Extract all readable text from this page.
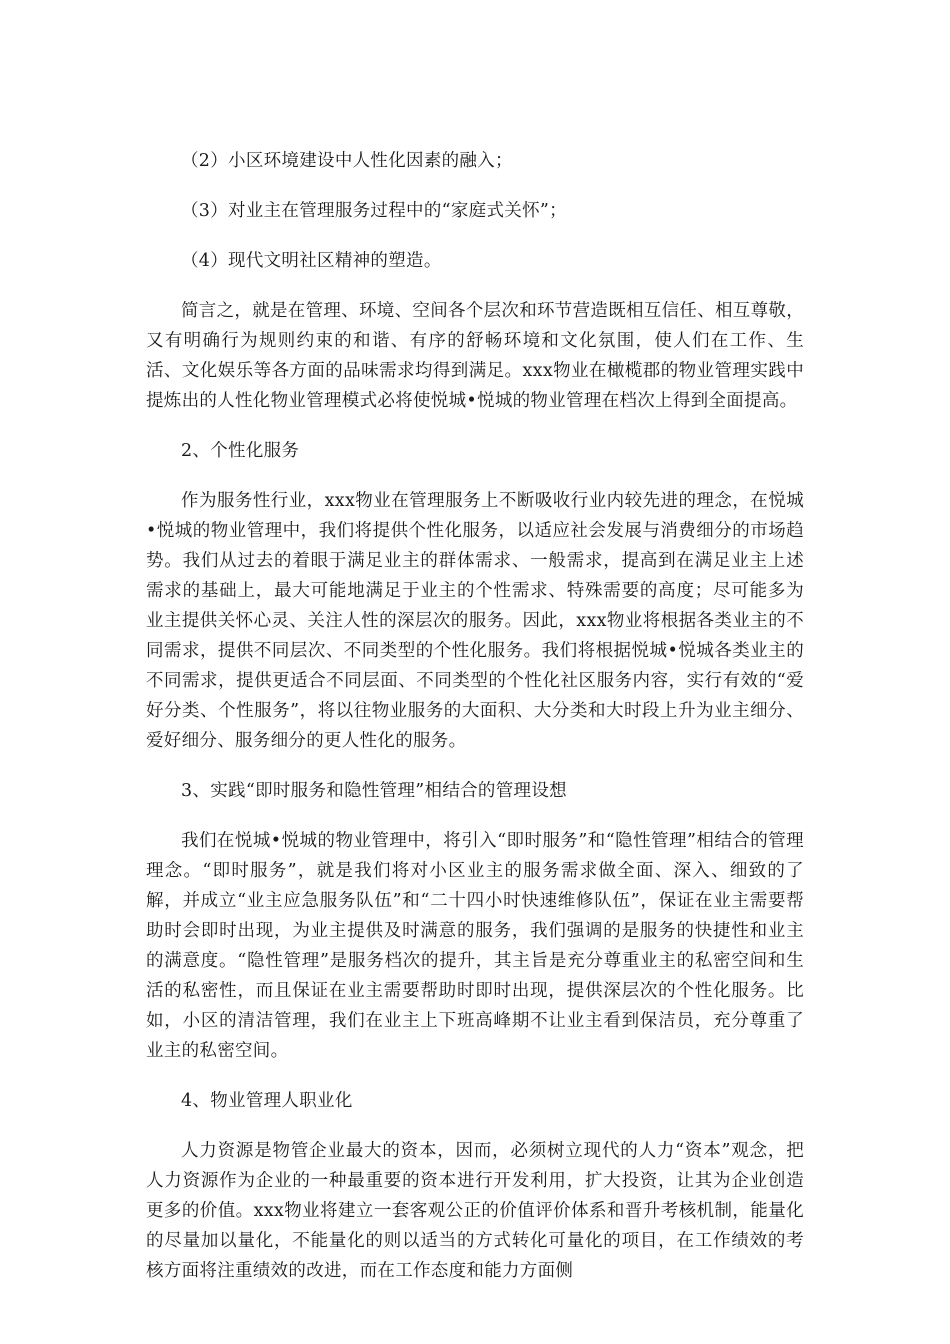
（2）小区环境建设中人性化因素的融入；

（3）对业主在管理服务过程中的“家庭式关怀”；

（4）现代文明社区精神的塑造。

简言之，就是在管理、环境、空间各个层次和环节营造既相互信任、相互尊敬，又有明确行为规则约束的和谐、有序的舒畅环境和文化氛围，使人们在工作、生活、文化娱乐等各方面的品味需求均得到满足。xxx物业在橄榄郡的物业管理实践中提炼出的人性化物业管理模式必将使悦城•悦城的物业管理在档次上得到全面提高。

2、个性化服务

作为服务性行业，xxx物业在管理服务上不断吸收行业内较先进的理念，在悦城•悦城的物业管理中，我们将提供个性化服务，以适应社会发展与消费细分的市场趋势。我们从过去的着眼于满足业主的群体需求、一般需求，提高到在满足业主上述需求的基础上，最大可能地满足于业主的个性需求、特殊需要的高度；尽可能多为业主提供关怀心灵、关注人性的深层次的服务。因此，xxx物业将根据各类业主的不同需求，提供不同层次、不同类型的个性化服务。我们将根据悦城•悦城各类业主的不同需求，提供更适合不同层面、不同类型的个性化社区服务内容，实行有效的“爱好分类、个性服务”，将以往物业服务的大面积、大分类和大时段上升为业主细分、爱好细分、服务细分的更人性化的服务。

3、实践“即时服务和隐性管理”相结合的管理设想

我们在悦城•悦城的物业管理中，将引入“即时服务”和“隐性管理”相结合的管理理念。“即时服务”，就是我们将对小区业主的服务需求做全面、深入、细致的了解，并成立“业主应急服务队伍”和“二十四小时快速维修队伍”，保证在业主需要帮助时会即时出现，为业主提供及时满意的服务，我们强调的是服务的快捷性和业主的满意度。“隐性管理”是服务档次的提升，其主旨是充分尊重业主的私密空间和生活的私密性，而且保证在业主需要帮助时即时出现，提供深层次的个性化服务。比如，小区的清洁管理，我们在业主上下班高峰期不让业主看到保洁员，充分尊重了业主的私密空间。

4、物业管理人职业化

人力资源是物管企业最大的资本，因而，必须树立现代的人力“资本”观念，把人力资源作为企业的一种最重要的资本进行开发利用，扩大投资，让其为企业创造更多的价值。xxx物业将建立一套客观公正的价值评价体系和晋升考核机制，能量化的尽量加以量化，不能量化的则以适当的方式转化可量化的项目，在工作绩效的考核方面将注重绩效的改进，而在工作态度和能力方面侧
